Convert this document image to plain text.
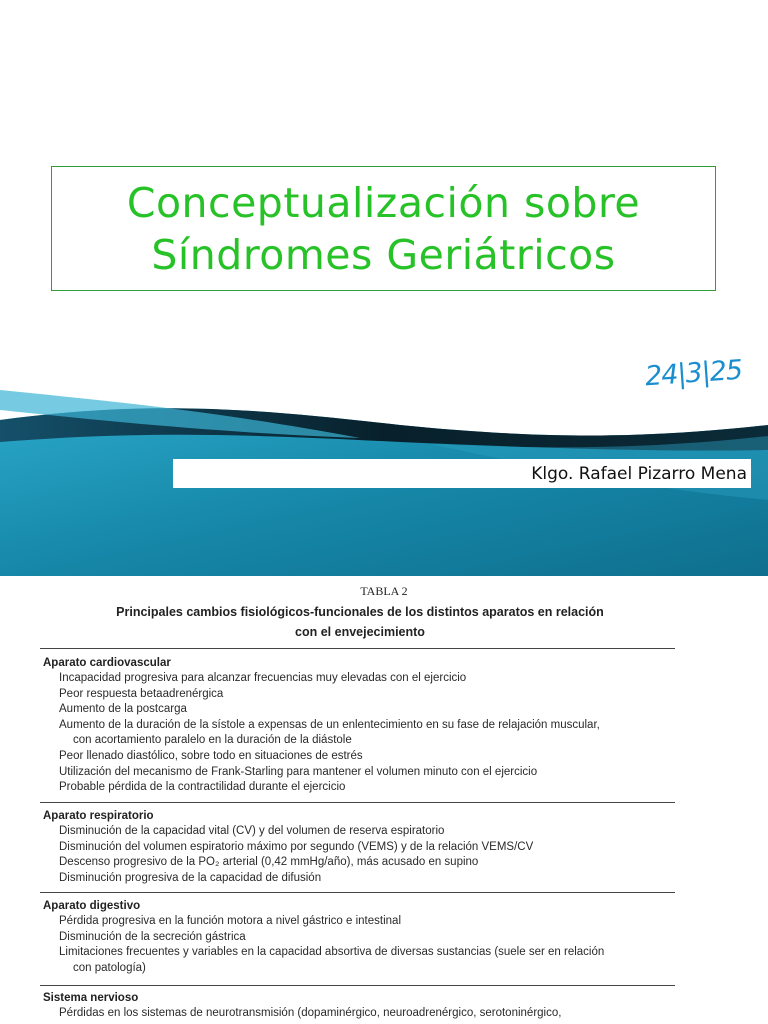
Conceptualización sobre
Síndromes Geriátricos
24|3|25
Klgo. Rafael Pizarro Mena
TABLA 2
Principales cambios fisiológicos-funcionales de los distintos aparatos en relación
con el envejecimiento
Aparato cardiovascular
Incapacidad progresiva para alcanzar frecuencias muy elevadas con el ejercicio
Peor respuesta betaadrenérgica
Aumento de la postcarga
Aumento de la duración de la sístole a expensas de un enlentecimiento en su fase de relajación muscular,
con acortamiento paralelo en la duración de la diástole
Peor llenado diastólico, sobre todo en situaciones de estrés
Utilización del mecanismo de Frank-Starling para mantener el volumen minuto con el ejercicio
Probable pérdida de la contractilidad durante el ejercicio
Aparato respiratorio
Disminución de la capacidad vital (CV) y del volumen de reserva espiratorio
Disminución del volumen espiratorio máximo por segundo (VEMS) y de la relación VEMS/CV
Descenso progresivo de la PO₂ arterial (0,42 mmHg/año), más acusado en supino
Disminución progresiva de la capacidad de difusión
Aparato digestivo
Pérdida progresiva en la función motora a nivel gástrico e intestinal
Disminución de la secreción gástrica
Limitaciones frecuentes y variables en la capacidad absortiva de diversas sustancias (suele ser en relación
con patología)
Sistema nervioso
Pérdidas en los sistemas de neurotransmisión (dopaminérgico, neuroadrenérgico, serotoninérgico,
